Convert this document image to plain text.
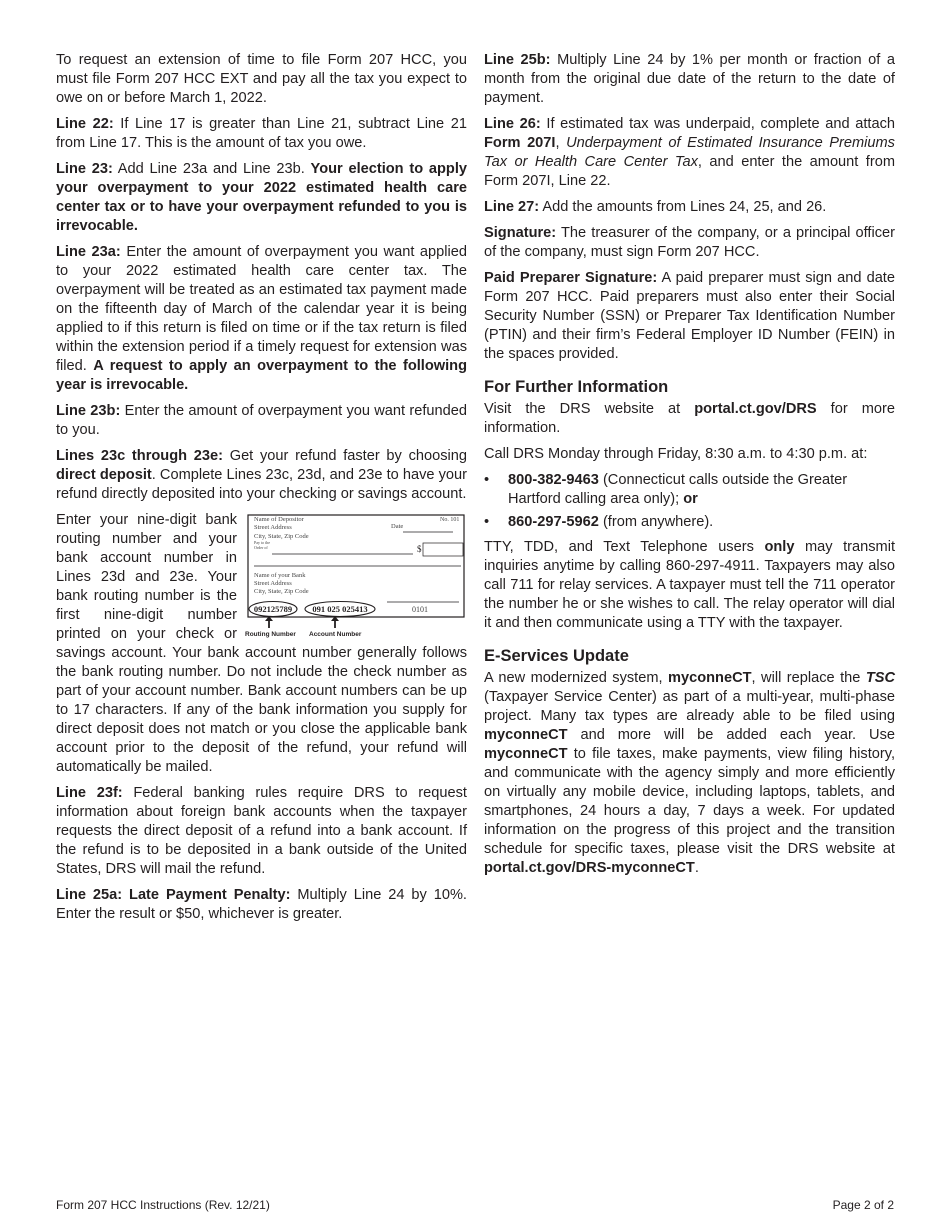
To request an extension of time to file Form 207 HCC, you must file Form 207 HCC EXT and pay all the tax you expect to owe on or before March 1, 2022.

Line 22: If Line 17 is greater than Line 21, subtract Line 21 from Line 17. This is the amount of tax you owe.

Line 23: Add Line 23a and Line 23b. Your election to apply your overpayment to your 2022 estimated health care center tax or to have your overpayment refunded to you is irrevocable.

Line 23a: Enter the amount of overpayment you want applied to your 2022 estimated health care center tax. The overpayment will be treated as an estimated tax payment made on the fifteenth day of March of the calendar year it is being applied to if this return is filed on time or if the tax return is filed within the extension period if a timely request for extension was filed. A request to apply an overpayment to the following year is irrevocable.

Line 23b: Enter the amount of overpayment you want refunded to you.

Lines 23c through 23e: Get your refund faster by choosing direct deposit. Complete Lines 23c, 23d, and 23e to have your refund directly deposited into your checking or savings account.

Name of Depositor
Street Address
City, State, Zip Code
No. 101
Date
Pay to the
Order of	$
Name of your Bank
Street Address
City, State, Zip Code
092125789 091 025 025413	0101
Routing Number Account Number

Enter your nine-digit bank routing number and your bank account number in Lines 23d and 23e. Your bank routing number is the first nine-digit number printed on your check or savings account. Your bank account number generally follows the bank routing number. Do not include the check number as part of your account number. Bank account numbers can be up to 17 characters. If any of the bank information you supply for direct deposit does not match or you close the applicable bank account prior to the deposit of the refund, your refund will automatically be mailed.

Line 23f: Federal banking rules require DRS to request information about foreign bank accounts when the taxpayer requests the direct deposit of a refund into a bank account. If the refund is to be deposited in a bank outside of the United States, DRS will mail the refund.

Line 25a: Late Payment Penalty: Multiply Line 24 by 10%. Enter the result or $50, whichever is greater.

Line 25b: Multiply Line 24 by 1% per month or fraction of a month from the original due date of the return to the date of payment.

Line 26: If estimated tax was underpaid, complete and attach Form 207I, Underpayment of Estimated Insurance Premiums Tax or Health Care Center Tax, and enter the amount from Form 207I, Line 22.

Line 27: Add the amounts from Lines 24, 25, and 26.

Signature: The treasurer of the company, or a principal officer of the company, must sign Form 207 HCC.

Paid Preparer Signature: A paid preparer must sign and date Form 207 HCC. Paid preparers must also enter their Social Security Number (SSN) or Preparer Tax Identification Number (PTIN) and their firm’s Federal Employer ID Number (FEIN) in the spaces provided.

For Further Information

Visit the DRS website at portal.ct.gov/DRS for more information.

Call DRS Monday through Friday, 8:30 a.m. to 4:30 p.m. at:

• 800-382-9463 (Connecticut calls outside the Greater Hartford calling area only); or
• 860-297-5962 (from anywhere).

TTY, TDD, and Text Telephone users only may transmit inquiries anytime by calling 860-297-4911. Taxpayers may also call 711 for relay services. A taxpayer must tell the 711 operator the number he or she wishes to call. The relay operator will dial it and then communicate using a TTY with the taxpayer.

E-Services Update

A new modernized system, myconneCT, will replace the TSC (Taxpayer Service Center) as part of a multi-year, multi-phase project. Many tax types are already able to be filed using myconneCT and more will be added each year. Use myconneCT to file taxes, make payments, view filing history, and communicate with the agency simply and more efficiently on virtually any mobile device, including laptops, tablets, and smartphones, 24 hours a day, 7 days a week. For updated information on the progress of this project and the transition schedule for specific taxes, please visit the DRS website at portal.ct.gov/DRS-myconneCT.

Form 207 HCC Instructions (Rev. 12/21)	Page 2 of 2
